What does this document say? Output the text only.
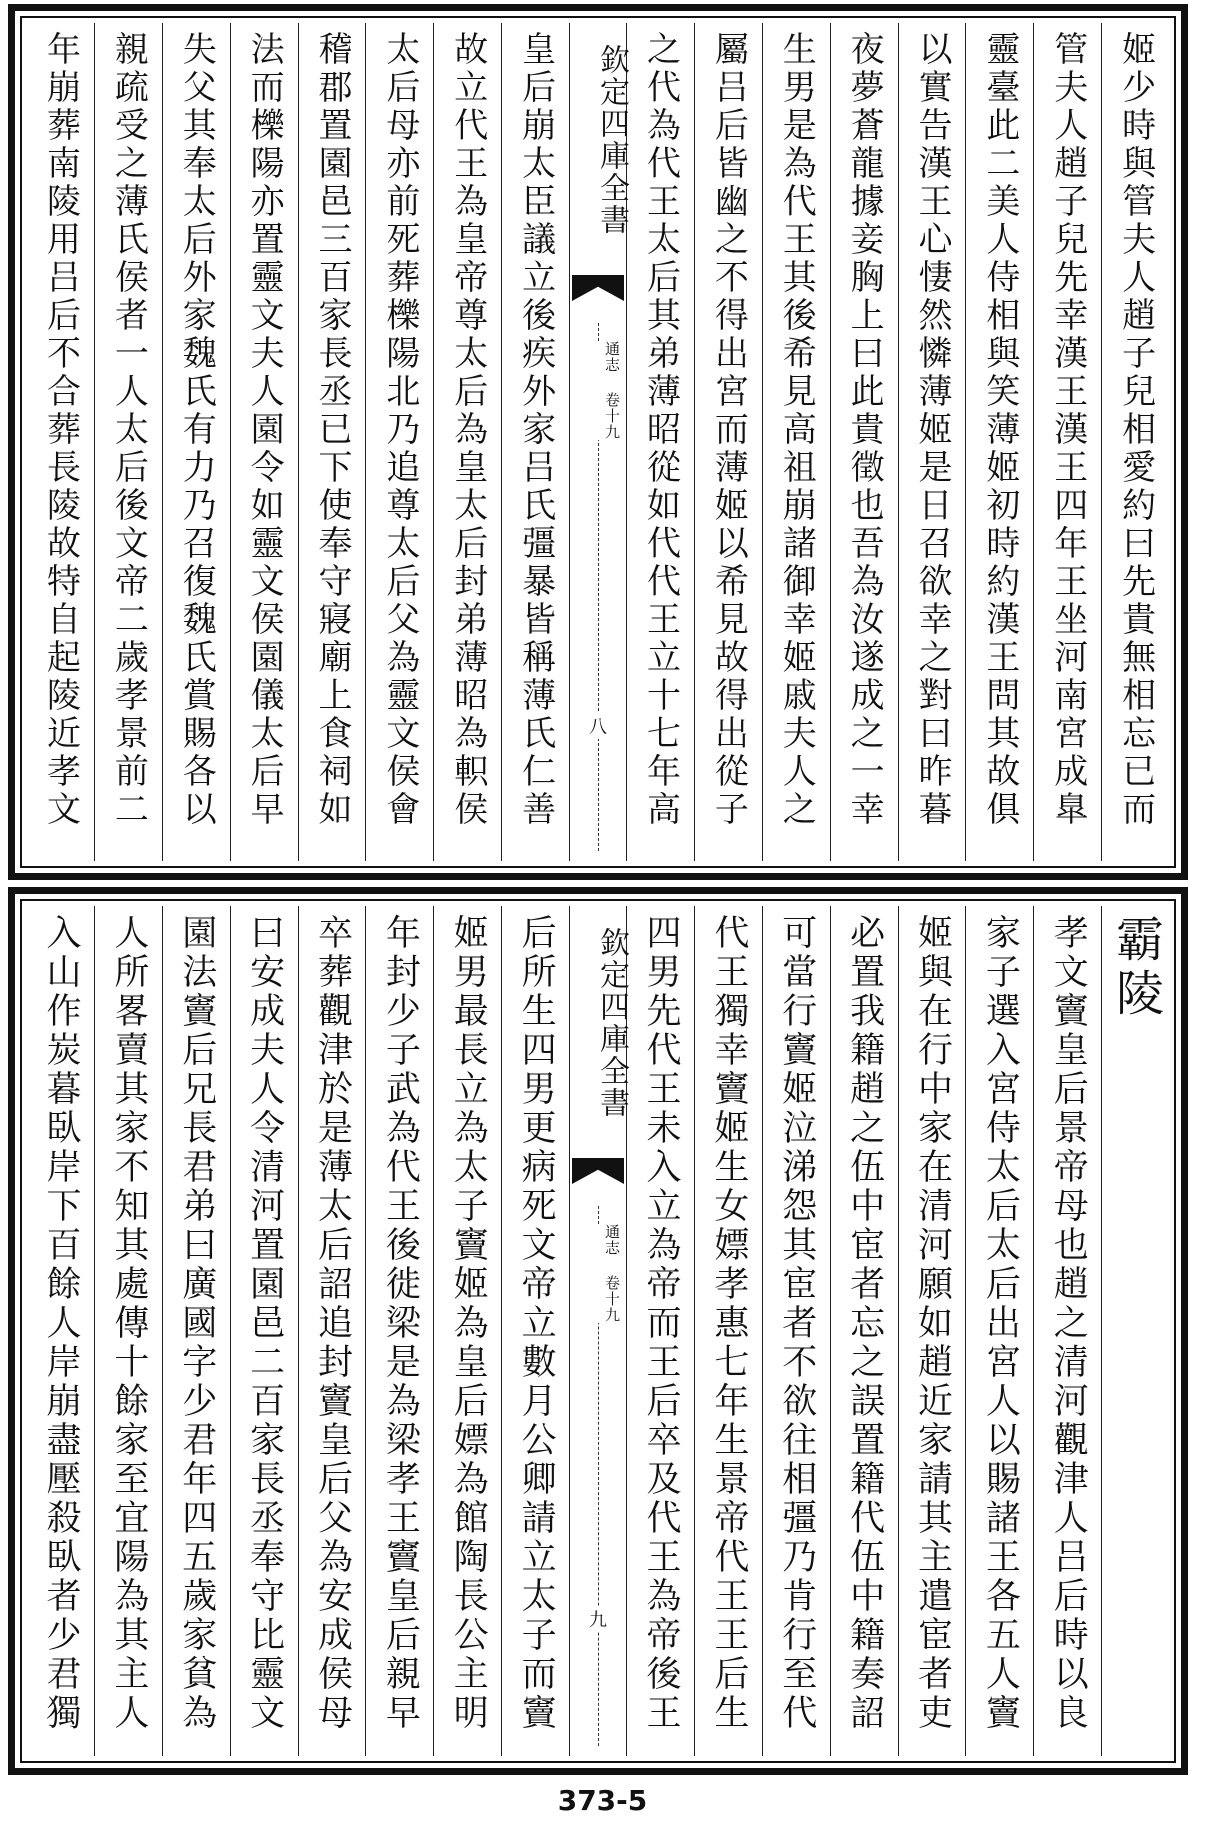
姬少時與管夫人趙子兒相愛約曰先貴無相忘已而
管夫人趙子兒先幸漢王漢王四年王坐河南宮成臯
靈臺此二美人侍相與笑薄姬初時約漢王問其故俱
以實告漢王心悽然憐薄姬是日召欲幸之對曰昨暮
夜夢蒼龍據妾胸上曰此貴徵也吾為汝遂成之一幸
生男是為代王其後希見高祖崩諸御幸姬戚夫人之
屬吕后皆幽之不得出宮而薄姬以希見故得出從子
之代為代王太后其弟薄昭從如代代王立十七年高
欽定四庫全書
通志 卷十九
八
皇后崩太臣議立後疾外家吕氏彊暴皆稱薄氏仁善
故立代王為皇帝尊太后為皇太后封弟薄昭為軹侯
太后母亦前死葬櫟陽北乃追尊太后父為靈文侯會
稽郡置園邑三百家長丞已下使奉守寢廟上食祠如
法而櫟陽亦置靈文夫人園令如靈文侯園儀太后早
失父其奉太后外家魏氏有力乃召復魏氏賞賜各以
親疏受之薄氏侯者一人太后後文帝二歲孝景前二
年崩葬南陵用吕后不合葬長陵故特自起陵近孝文
霸陵
孝文竇皇后景帝母也趙之清河觀津人吕后時以良
家子選入宮侍太后太后出宮人以賜諸王各五人竇
姬與在行中家在清河願如趙近家請其主遣宦者吏
必置我籍趙之伍中宦者忘之誤置籍代伍中籍奏詔
可當行竇姬泣涕怨其宦者不欲往相彊乃肯行至代
代王獨幸竇姬生女嫖孝惠七年生景帝代王王后生
四男先代王未入立為帝而王后卒及代王為帝後王
欽定四庫全書
通志 卷十九
九
后所生四男更病死文帝立數月公卿請立太子而竇
姬男最長立為太子竇姬為皇后嫖為館陶長公主明
年封少子武為代王後徙梁是為梁孝王竇皇后親早
卒葬觀津於是薄太后詔追封竇皇后父為安成侯母
曰安成夫人令清河置園邑二百家長丞奉守比靈文
園法竇后兄長君弟曰廣國字少君年四五歲家貧為
人所畧賣其家不知其處傳十餘家至宜陽為其主人
入山作炭暮臥岸下百餘人岸崩盡壓殺臥者少君獨
373-5
